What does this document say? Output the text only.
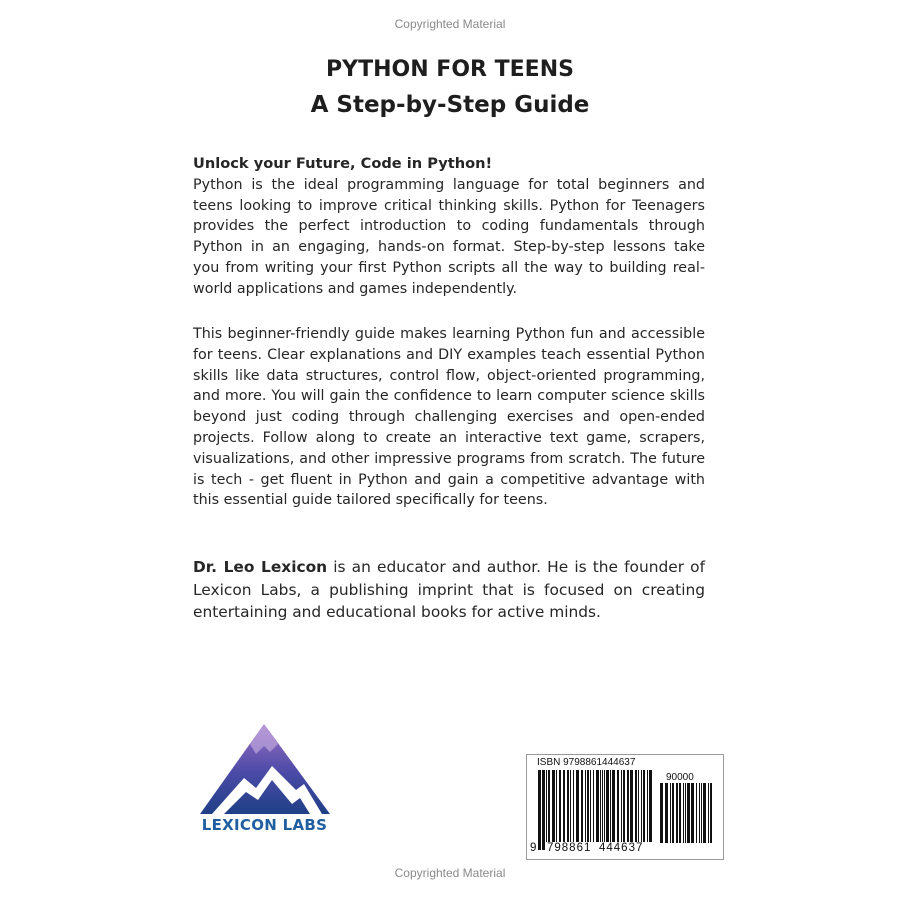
Copyrighted Material
PYTHON FOR TEENS
A Step-by-Step Guide
Unlock your Future, Code in Python!
Python is the ideal programming language for total beginners and teens looking to improve critical thinking skills. Python for Teenagers provides the perfect introduction to coding fundamentals through Python in an engaging, hands-on format. Step-by-step lessons take you from writing your first Python scripts all the way to building real-world applications and games independently.
This beginner-friendly guide makes learning Python fun and accessible for teens. Clear explanations and DIY examples teach essential Python skills like data structures, control flow, object-oriented programming, and more. You will gain the confidence to learn computer science skills beyond just coding through challenging exercises and open-ended projects. Follow along to create an interactive text game, scrapers, visualizations, and other impressive programs from scratch. The future is tech - get fluent in Python and gain a competitive advantage with this essential guide tailored specifically for teens.
Dr. Leo Lexicon is an educator and author. He is the founder of Lexicon Labs, a publishing imprint that is focused on creating entertaining and educational books for active minds.
LEXICON LABS
ISBN 9798861444637
90000
9 798861 444637
Copyrighted Material
